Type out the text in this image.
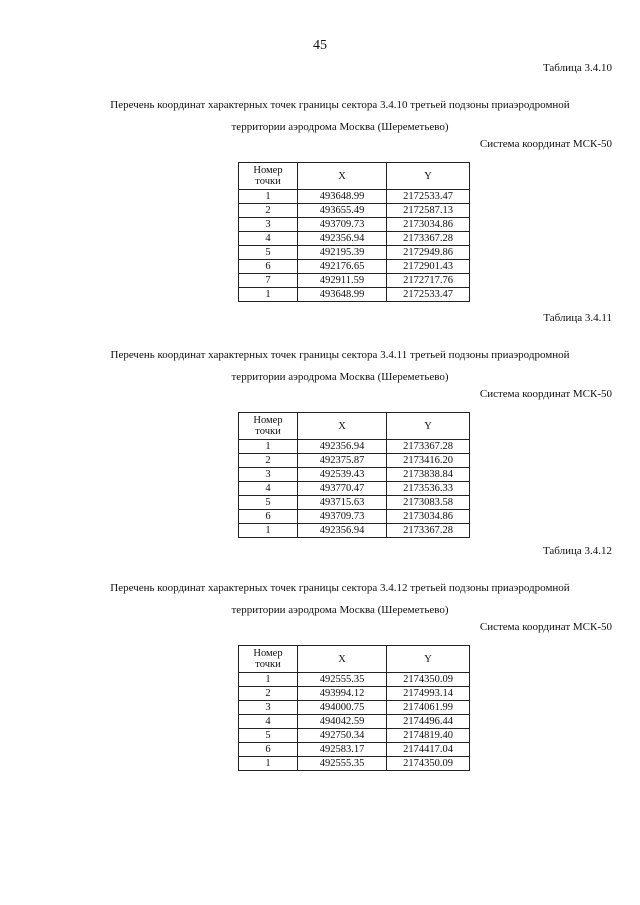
45
Таблица 3.4.10
Перечень координат характерных точек границы сектора 3.4.10 третьей подзоны приаэродромной
территории аэродрома Москва (Шереметьево)
Система координат МСК-50
Номер
точки	X	Y
1	493648.99	2172533.47
2	493655.49	2172587.13
3	493709.73	2173034.86
4	492356.94	2173367.28
5	492195.39	2172949.86
6	492176.65	2172901.43
7	492911.59	2172717.76
1	493648.99	2172533.47
Таблица 3.4.11
Перечень координат характерных точек границы сектора 3.4.11 третьей подзоны приаэродромной
территории аэродрома Москва (Шереметьево)
Система координат МСК-50
Номер
точки	X	Y
1	492356.94	2173367.28
2	492375.87	2173416.20
3	492539.43	2173838.84
4	493770.47	2173536.33
5	493715.63	2173083.58
6	493709.73	2173034.86
1	492356.94	2173367.28
Таблица 3.4.12
Перечень координат характерных точек границы сектора 3.4.12 третьей подзоны приаэродромной
территории аэродрома Москва (Шереметьево)
Система координат МСК-50
Номер
точки	X	Y
1	492555.35	2174350.09
2	493994.12	2174993.14
3	494000.75	2174061.99
4	494042.59	2174496.44
5	492750.34	2174819.40
6	492583.17	2174417.04
1	492555.35	2174350.09
